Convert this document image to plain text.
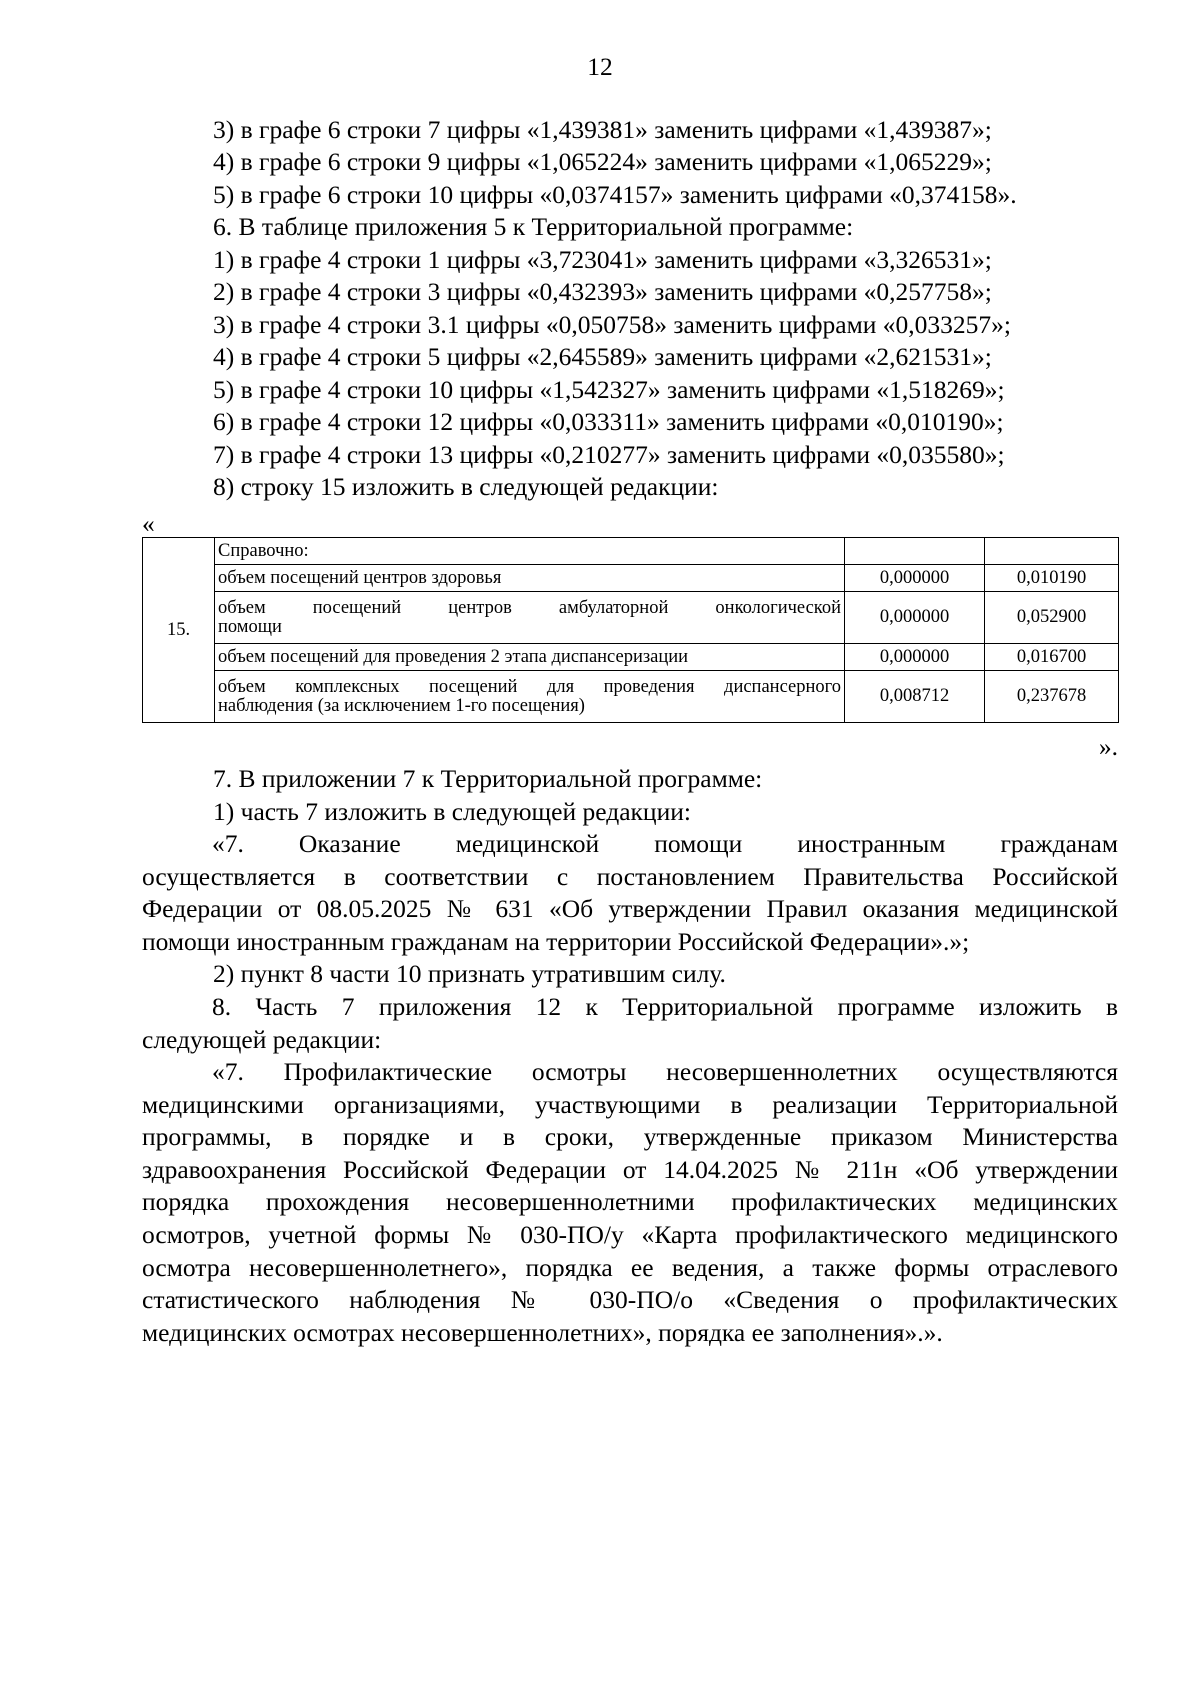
12
3) в графе 6 строки 7 цифры «1,439381» заменить цифрами «1,439387»;
4) в графе 6 строки 9 цифры «1,065224» заменить цифрами «1,065229»;
5) в графе 6 строки 10 цифры «0,0374157» заменить цифрами «0,374158».
6. В таблице приложения 5 к Территориальной программе:
1) в графе 4 строки 1 цифры «3,723041» заменить цифрами «3,326531»;
2) в графе 4 строки 3 цифры «0,432393» заменить цифрами «0,257758»;
3) в графе 4 строки 3.1 цифры «0,050758» заменить цифрами «0,033257»;
4) в графе 4 строки 5 цифры «2,645589» заменить цифрами «2,621531»;
5) в графе 4 строки 10 цифры «1,542327» заменить цифрами «1,518269»;
6) в графе 4 строки 12 цифры «0,033311» заменить цифрами «0,010190»;
7) в графе 4 строки 13 цифры «0,210277» заменить цифрами «0,035580»;
8) строку 15 изложить в следующей редакции:
«
15.	Справочно:		
	объем посещений центров здоровья	0,000000	0,010190

	объем посещений центров амбулаторной онкологической
помощи	0,000000	0,052900
	объем посещений для проведения 2 этапа диспансеризации	0,000000	0,016700

	объем комплексных посещений для проведения диспансерного
наблюдения (за исключением 1-го посещения)	0,008712	0,237678
».
7. В приложении 7 к Территориальной программе:
1) часть 7 изложить в следующей редакции:
«7. Оказание медицинской помощи иностранным гражданам
осуществляется в соответствии с постановлением Правительства Российской
Федерации от 08.05.2025 № 631 «Об утверждении Правил оказания медицинской
помощи иностранным гражданам на территории Российской Федерации».»;
2) пункт 8 части 10 признать утратившим силу.
8. Часть 7 приложения 12 к Территориальной программе изложить в
следующей редакции:
«7. Профилактические осмотры несовершеннолетних осуществляются
медицинскими организациями, участвующими в реализации Территориальной
программы, в порядке и в сроки, утвержденные приказом Министерства
здравоохранения Российской Федерации от 14.04.2025 № 211н «Об утверждении
порядка прохождения несовершеннолетними профилактических медицинских
осмотров, учетной формы № 030-ПО/у «Карта профилактического медицинского
осмотра несовершеннолетнего», порядка ее ведения, а также формы отраслевого
статистического наблюдения № 030-ПО/о «Сведения о профилактических
медицинских осмотрах несовершеннолетних», порядка ее заполнения».».
